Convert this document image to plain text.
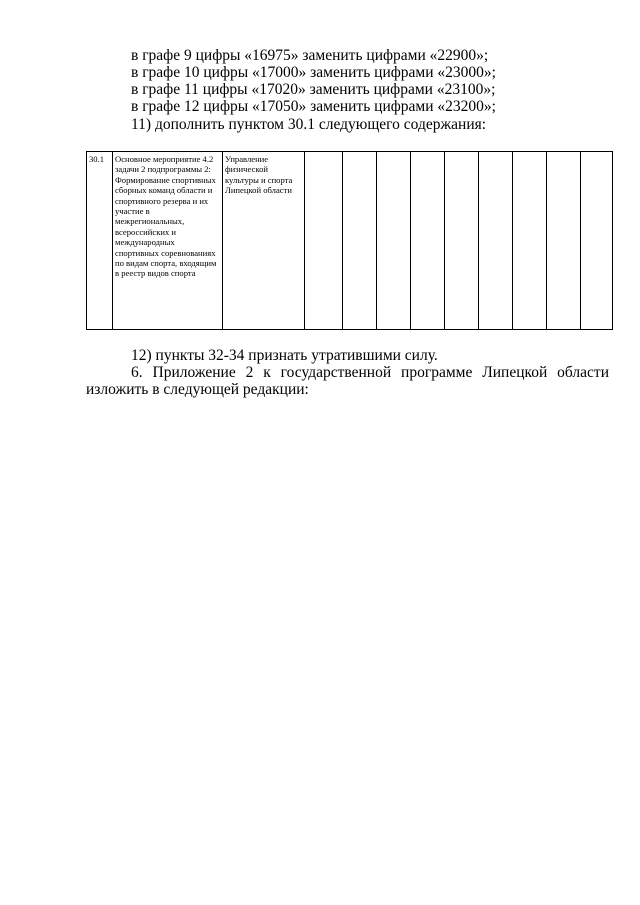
в графе 9 цифры «16975» заменить цифрами «22900»;
в графе 10 цифры «17000» заменить цифрами «23000»;
в графе 11 цифры «17020» заменить цифрами «23100»;
в графе 12 цифры «17050» заменить цифрами «23200»;
11) дополнить пунктом 30.1 следующего содержания:
30.1	Основное мероприятие 4.2 задачи 2 подпрограммы 2: Формирование спортивных сборных команд области и спортивного резерва и их участие в межрегиональных, всероссийских и международных спортивных соревнованиях по видам спорта, входящим в реестр видов спорта	Управление физической культуры и спорта Липецкой области									
12) пункты 32-34 признать утратившими силу.
6. Приложение 2 к государственной программе Липецкой области
изложить в следующей редакции:
